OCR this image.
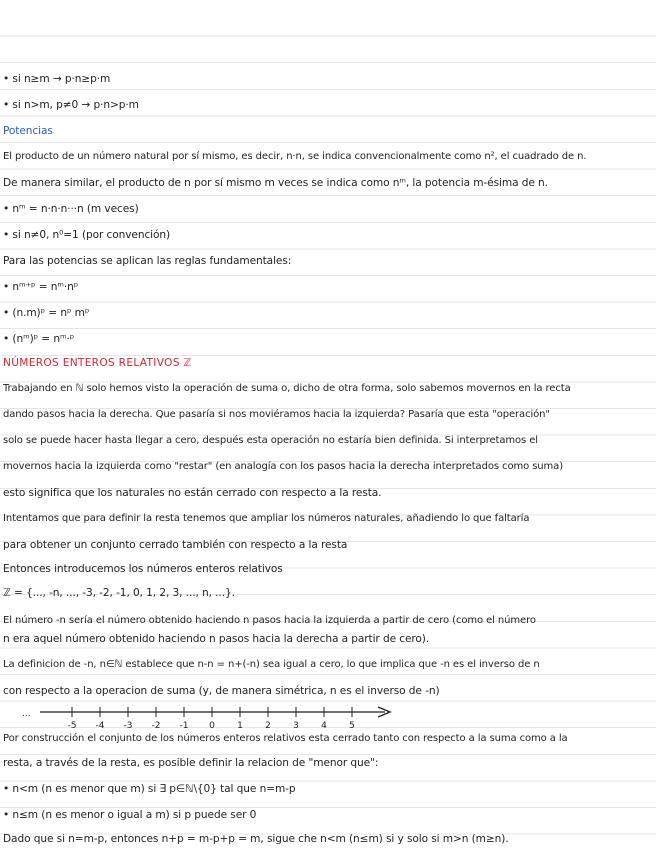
• si n≥m → p·n≥p·m
• si n>m, p≠0 → p·n>p·m
Potencias
El producto de un número natural por sí mismo, es decir, n·n, se indica convencionalmente como n², el cuadrado de n.
De manera similar, el producto de n por sí mismo m veces se indica como nᵐ, la potencia m-ésima de n.
• nᵐ = n·n·n···n (m veces)
• si n≠0, n⁰=1 (por convención)
Para las potencias se aplican las reglas fundamentales:
• nᵐ⁺ᵖ = nᵐ·nᵖ
• (n.m)ᵖ = nᵖ mᵖ
• (nᵐ)ᵖ = nᵐ·ᵖ
NÚMEROS ENTEROS RELATIVOS ℤ
Trabajando en ℕ solo hemos visto la operación de suma o, dicho de otra forma, solo sabemos movernos en la recta
dando pasos hacia la derecha. Que pasaría si nos moviéramos hacia la izquierda? Pasaría que esta "operación"
solo se puede hacer hasta llegar a cero, después esta operación no estaría bien definida. Si interpretamos el
movernos hacia la izquierda como "restar" (en analogía con los pasos hacia la derecha interpretados como suma)
esto significa que los naturales no están cerrado con respecto a la resta.
Intentamos que para definir la resta tenemos que ampliar los números naturales, añadiendo lo que faltaría
para obtener un conjunto cerrado también con respecto a la resta
Entonces introducemos los números enteros relativos
ℤ = {..., -n, ..., -3, -2, -1, 0, 1, 2, 3, ..., n, ...}.
El número -n sería el número obtenido haciendo n pasos hacia la izquierda a partir de cero (como el número
n era aquel número obtenido haciendo n pasos hacia la derecha a partir de cero).
La definicion de -n, n∈ℕ establece que n-n = n+(-n) sea igual a cero, lo que implica que -n es el inverso de n
con respecto a la operacion de suma (y, de manera simétrica, n es el inverso de -n)
...
-5 -4 -3 -2 -1 0 1 2 3 4 5
Por construcción el conjunto de los números enteros relativos esta cerrado tanto con respecto a la suma como a la
resta, a través de la resta, es posible definir la relacion de "menor que":
• n<m (n es menor que m) si ∃ p∈ℕ\{0} tal que n=m-p
• n≤m (n es menor o igual a m) si p puede ser 0
Dado que si n=m-p, entonces n+p = m-p+p = m, sigue che n<m (n≤m) si y solo si m>n (m≥n).
